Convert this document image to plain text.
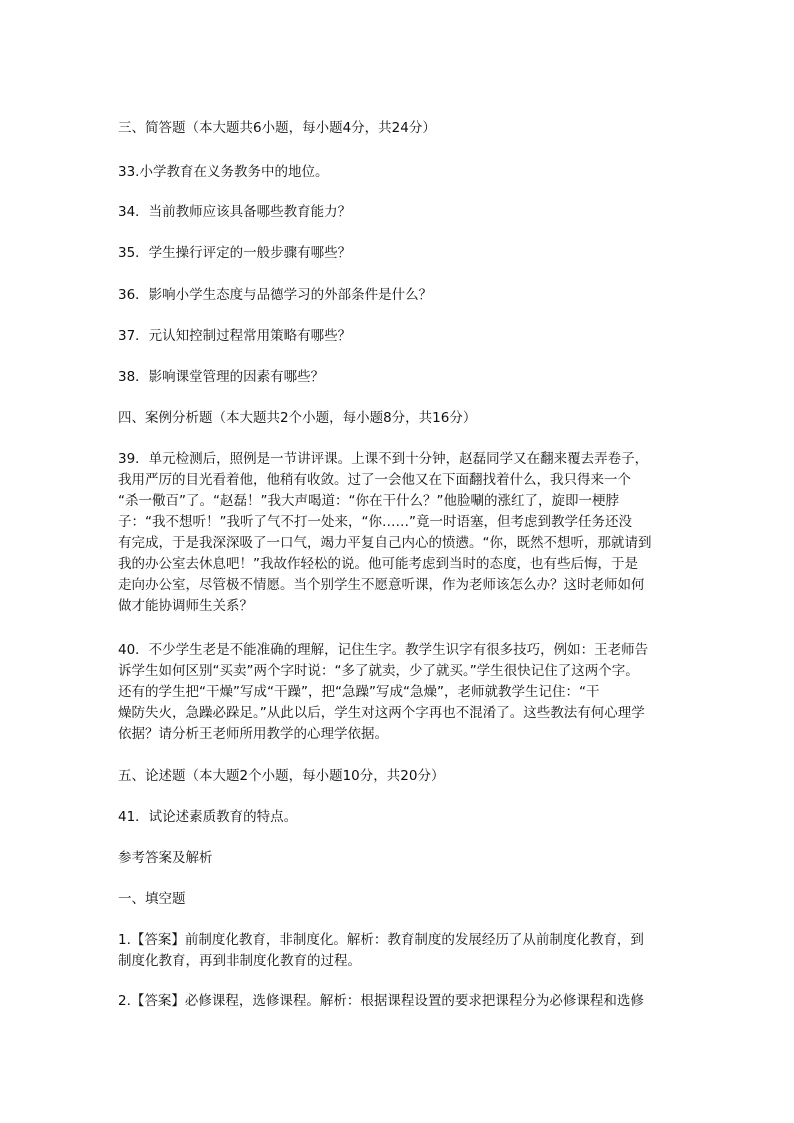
三、简答题（本大题共6小题，每小题4分，共24分）
33.小学教育在义务教务中的地位。
34．当前教师应该具备哪些教育能力？
35．学生操行评定的一般步骤有哪些？
36．影响小学生态度与品德学习的外部条件是什么？
37．元认知控制过程常用策略有哪些？
38．影响课堂管理的因素有哪些？
四、案例分析题（本大题共2个小题，每小题8分，共16分）
39．单元检测后，照例是一节讲评课。上课不到十分钟，赵磊同学又在翻来覆去弄卷子，
我用严厉的目光看着他，他稍有收敛。过了一会他又在下面翻找着什么，我只得来一个
“杀一儆百”了。“赵磊！”我大声喝道：“你在干什么？”他脸唰的涨红了，旋即一梗脖
子：“我不想听！”我听了气不打一处来，“你……”竟一时语塞，但考虑到教学任务还没
有完成，于是我深深吸了一口气，竭力平复自己内心的愤懑。“你，既然不想听，那就请到
我的办公室去休息吧！”我故作轻松的说。他可能考虑到当时的态度，也有些后悔，于是
走向办公室，尽管极不情愿。当个别学生不愿意听课，作为老师该怎么办？这时老师如何
做才能协调师生关系？
40．不少学生老是不能准确的理解，记住生字。教学生识字有很多技巧，例如：王老师告
诉学生如何区别“买卖”两个字时说：“多了就卖，少了就买。”学生很快记住了这两个字。
还有的学生把“干燥”写成“干躁”，把“急躁”写成“急燥”，老师就教学生记住：“干
燥防失火，急躁必跺足。”从此以后，学生对这两个字再也不混淆了。这些教法有何心理学
依据？请分析王老师所用教学的心理学依据。
五、论述题（本大题2个小题，每小题10分，共20分）
41．试论述素质教育的特点。
参考答案及解析
一、填空题
1.【答案】前制度化教育，非制度化。解析：教育制度的发展经历了从前制度化教育，到
制度化教育，再到非制度化教育的过程。
2.【答案】必修课程，选修课程。解析：根据课程设置的要求把课程分为必修课程和选修
